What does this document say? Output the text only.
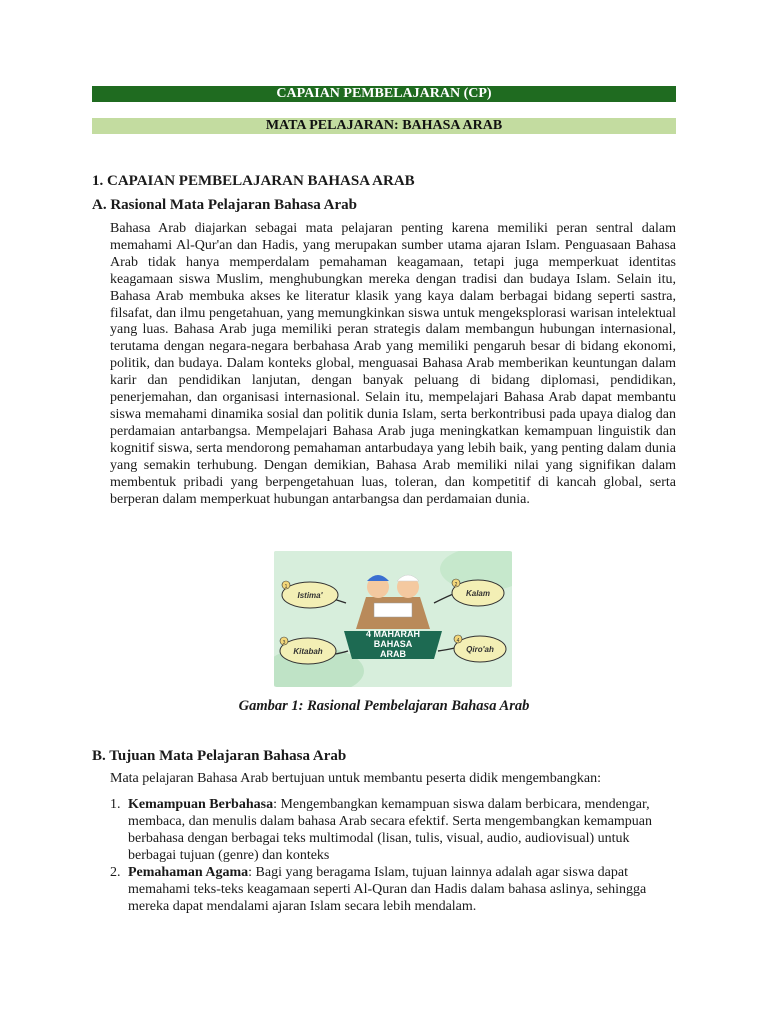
CAPAIAN PEMBELAJARAN (CP)
MATA PELAJARAN: BAHASA ARAB
1. CAPAIAN PEMBELAJARAN BAHASA ARAB
A. Rasional Mata Pelajaran Bahasa Arab
Bahasa Arab diajarkan sebagai mata pelajaran penting karena memiliki peran sentral dalam memahami Al-Qur'an dan Hadis, yang merupakan sumber utama ajaran Islam. Penguasaan Bahasa Arab tidak hanya memperdalam pemahaman keagamaan, tetapi juga memperkuat identitas keagamaan siswa Muslim, menghubungkan mereka dengan tradisi dan budaya Islam. Selain itu, Bahasa Arab membuka akses ke literatur klasik yang kaya dalam berbagai bidang seperti sastra, filsafat, dan ilmu pengetahuan, yang memungkinkan siswa untuk mengeksplorasi warisan intelektual yang luas. Bahasa Arab juga memiliki peran strategis dalam membangun hubungan internasional, terutama dengan negara-negara berbahasa Arab yang memiliki pengaruh besar di bidang ekonomi, politik, dan budaya. Dalam konteks global, menguasai Bahasa Arab memberikan keuntungan dalam karir dan pendidikan lanjutan, dengan banyak peluang di bidang diplomasi, pendidikan, penerjemahan, dan organisasi internasional. Selain itu, mempelajari Bahasa Arab dapat membantu siswa memahami dinamika sosial dan politik dunia Islam, serta berkontribusi pada upaya dialog dan perdamaian antarbangsa. Mempelajari Bahasa Arab juga meningkatkan kemampuan linguistik dan kognitif siswa, serta mendorong pemahaman antarbudaya yang lebih baik, yang penting dalam dunia yang semakin terhubung. Dengan demikian, Bahasa Arab memiliki nilai yang signifikan dalam membentuk pribadi yang berpengetahuan luas, toleran, dan kompetitif di kancah global, serta berperan dalam memperkuat hubungan antarbangsa dan perdamaian dunia.
4 MAHARAH
BAHASA
ARAB
1
Istima'
2
Kalam
3
Kitabah
4
Qiro'ah
Gambar 1: Rasional Pembelajaran Bahasa Arab
B. Tujuan Mata Pelajaran Bahasa Arab
Mata pelajaran Bahasa Arab bertujuan untuk membantu peserta didik mengembangkan:
1. Kemampuan Berbahasa: Mengembangkan kemampuan siswa dalam berbicara, mendengar, membaca, dan menulis dalam bahasa Arab secara efektif. Serta mengembangkan kemampuan berbahasa dengan berbagai teks multimodal (lisan, tulis, visual, audio, audiovisual) untuk berbagai tujuan (genre) dan konteks
2. Pemahaman Agama: Bagi yang beragama Islam, tujuan lainnya adalah agar siswa dapat memahami teks-teks keagamaan seperti Al-Quran dan Hadis dalam bahasa aslinya, sehingga mereka dapat mendalami ajaran Islam secara lebih mendalam.
